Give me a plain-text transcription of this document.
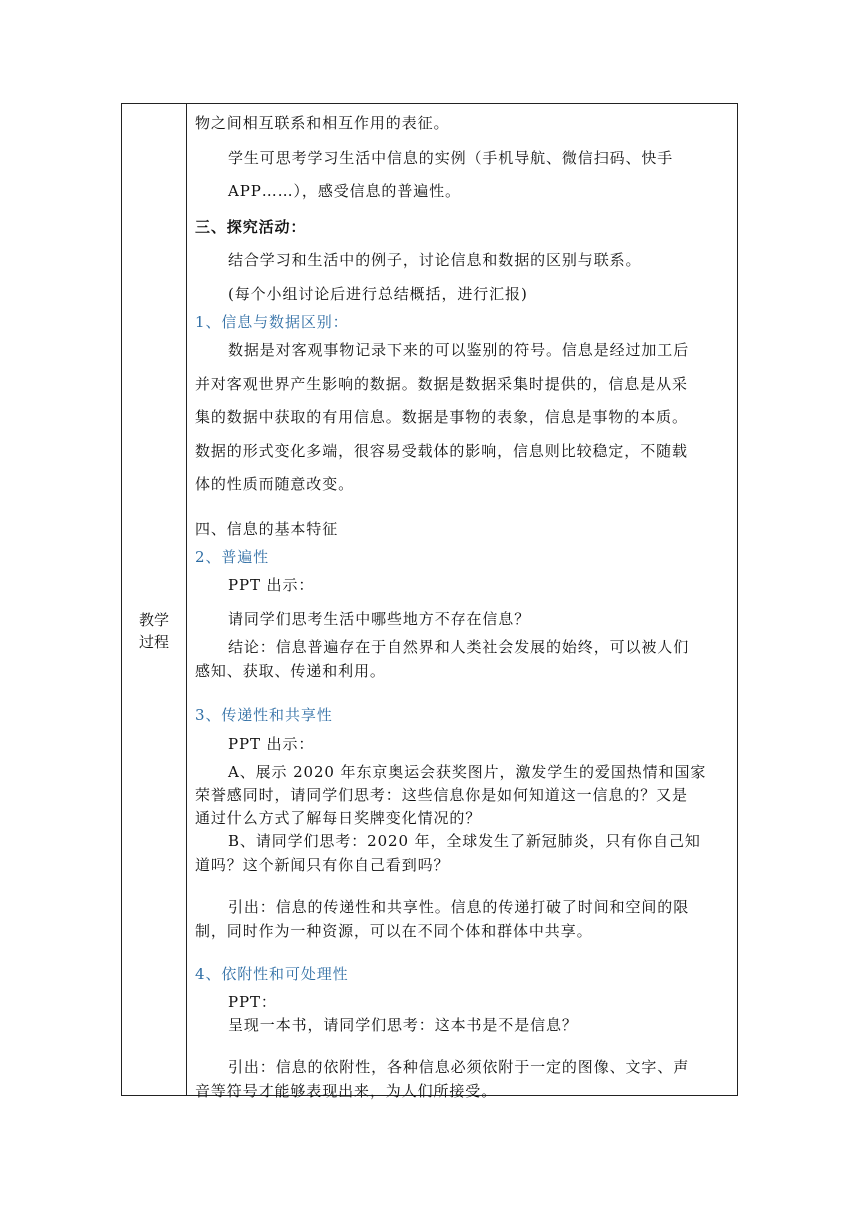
教学
过程
物之间相互联系和相互作用的表征。
学生可思考学习生活中信息的实例（手机导航、微信扫码、快手
APP……），感受信息的普遍性。
三、探究活动：
结合学习和生活中的例子，讨论信息和数据的区别与联系。
(每个小组讨论后进行总结概括，进行汇报)
1、信息与数据区别：
数据是对客观事物记录下来的可以鉴别的符号。信息是经过加工后
并对客观世界产生影响的数据。数据是数据采集时提供的，信息是从采
集的数据中获取的有用信息。数据是事物的表象，信息是事物的本质。
数据的形式变化多端，很容易受载体的影响，信息则比较稳定，不随载
体的性质而随意改变。
四、信息的基本特征
2、普遍性
PPT 出示：
请同学们思考生活中哪些地方不存在信息？
结论：信息普遍存在于自然界和人类社会发展的始终，可以被人们
感知、获取、传递和利用。
3、传递性和共享性
PPT 出示：
A、展示 2020 年东京奥运会获奖图片，激发学生的爱国热情和国家
荣誉感同时，请同学们思考：这些信息你是如何知道这一信息的？又是
通过什么方式了解每日奖牌变化情况的？
B、请同学们思考：2020 年，全球发生了新冠肺炎，只有你自己知
道吗？这个新闻只有你自己看到吗？
引出：信息的传递性和共享性。信息的传递打破了时间和空间的限
制，同时作为一种资源，可以在不同个体和群体中共享。
4、依附性和可处理性
PPT：
呈现一本书，请同学们思考：这本书是不是信息？
引出：信息的依附性，各种信息必须依附于一定的图像、文字、声
音等符号才能够表现出来，为人们所接受。
